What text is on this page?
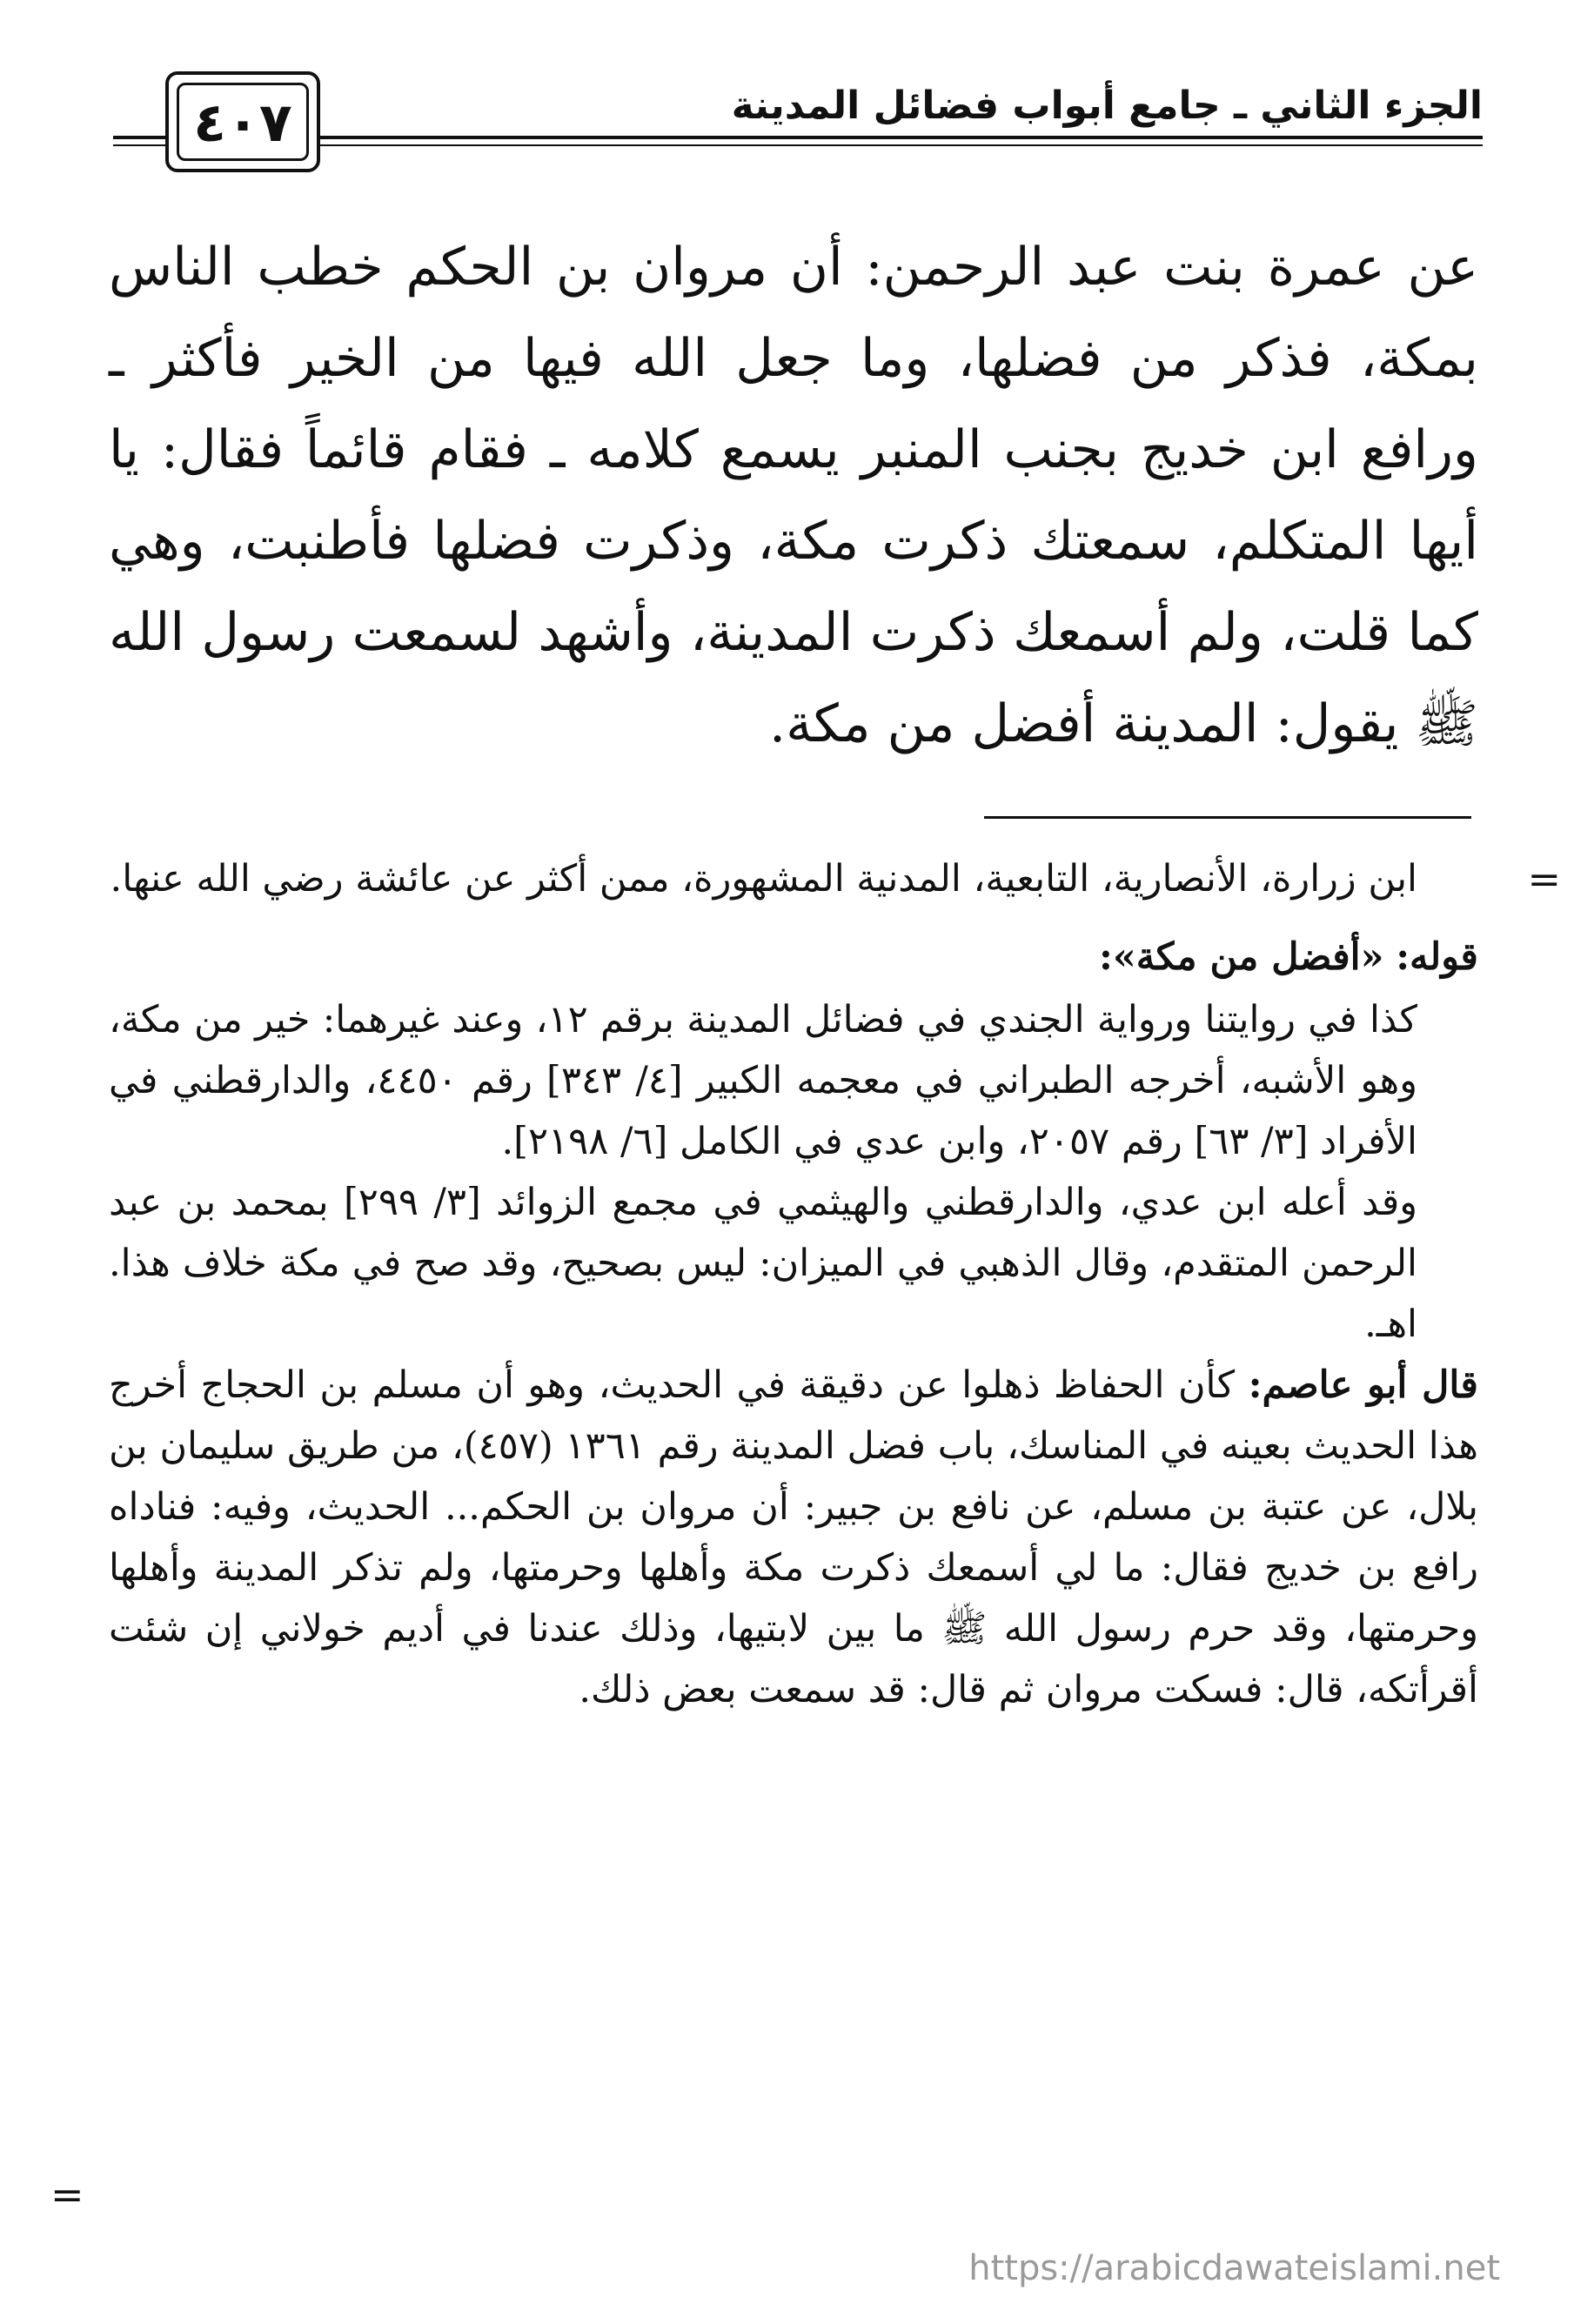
الجزء الثاني ـ جامع أبواب فضائل المدينة
٤٠٧

عن عمرة بنت عبد الرحمن: أن مروان بن الحكم خطب الناس بمكة، فذكر من فضلها، وما جعل الله فيها من الخير فأكثر ـ ورافع ابن خديج بجنب المنبر يسمع كلامه ـ فقام قائماً فقال: يا أيها المتكلم، سمعتك ذكرت مكة، وذكرت فضلها فأطنبت، وهي كما قلت، ولم أسمعك ذكرت المدينة، وأشهد لسمعت رسول الله ﷺ يقول: المدينة أفضل من مكة.

=

ابن زرارة، الأنصارية، التابعية، المدنية المشهورة، ممن أكثر عن عائشة رضي الله عنها.

قوله: «أفضل من مكة»:

كذا في روايتنا ورواية الجندي في فضائل المدينة برقم ١٢، وعند غيرهما: خير من مكة، وهو الأشبه، أخرجه الطبراني في معجمه الكبير [٤/ ٣٤٣] رقم ٤٤٥٠، والدارقطني في الأفراد [٣/ ٦٣] رقم ٢٠٥٧، وابن عدي في الكامل [٦/ ٢١٩٨].

وقد أعله ابن عدي، والدارقطني والهيثمي في مجمع الزوائد [٣/ ٢٩٩] بمحمد بن عبد الرحمن المتقدم، وقال الذهبي في الميزان: ليس بصحيح، وقد صح في مكة خلاف هذا. اهـ.

قال أبو عاصم: كأن الحفاظ ذهلوا عن دقيقة في الحديث، وهو أن مسلم بن الحجاج أخرج هذا الحديث بعينه في المناسك، باب فضل المدينة رقم ١٣٦١ (٤٥٧)، من طريق سليمان بن بلال، عن عتبة بن مسلم، عن نافع بن جبير: أن مروان بن الحكم... الحديث، وفيه: فناداه رافع بن خديج فقال: ما لي أسمعك ذكرت مكة وأهلها وحرمتها، ولم تذكر المدينة وأهلها وحرمتها، وقد حرم رسول الله ﷺ ما بين لابتيها، وذلك عندنا في أديم خولاني إن شئت أقرأتكه، قال: فسكت مروان ثم قال: قد سمعت بعض ذلك.

=
https://arabicdawateislami.net
